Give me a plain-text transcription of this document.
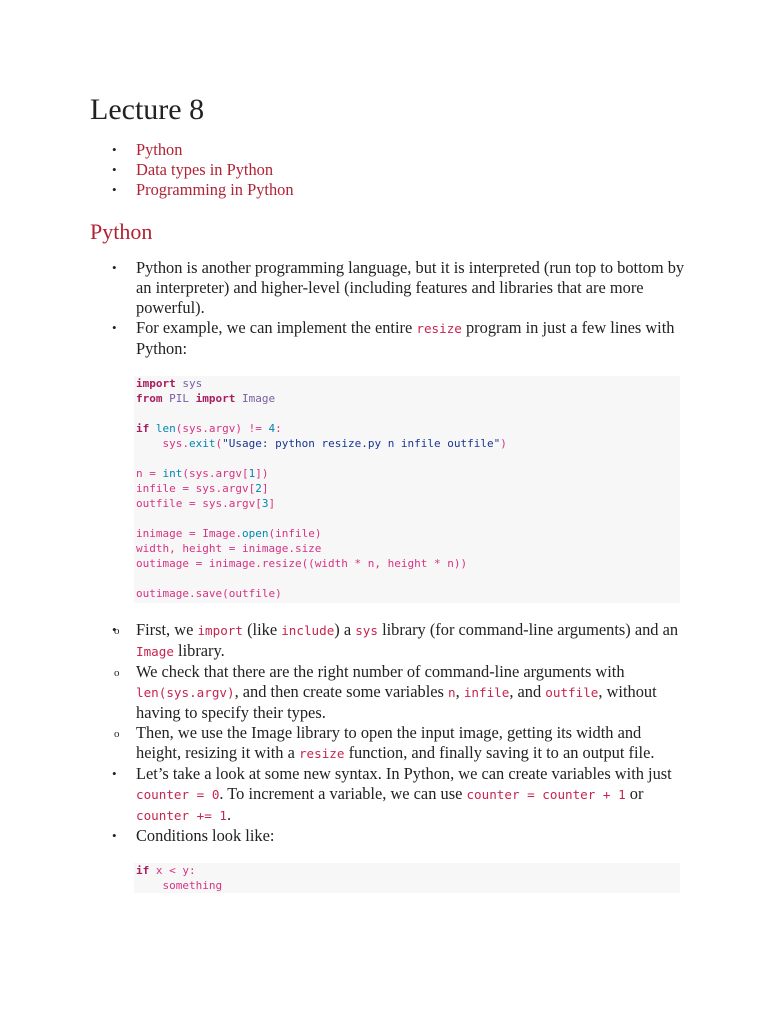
Lecture 8
• Python
• Data types in Python
• Programming in Python
Python
• Python is another programming language, but it is interpreted (run top to bottom by an interpreter) and higher-level (including features and libraries that are more powerful).
• For example, we can implement the entire resize program in just a few lines with Python:
import sys
from PIL import Image
if len(sys.argv) != 4:
sys.exit("Usage: python resize.py n infile outfile")
n = int(sys.argv[1])
infile = sys.argv[2]
outfile = sys.argv[3]
inimage = Image.open(infile)
width, height = inimage.size
outimage = inimage.resize((width * n, height * n))
outimage.save(outfile)
o • First, we import (like include) a sys library (for command-line arguments) and an Image library.
o We check that there are the right number of command-line arguments with len(sys.argv), and then create some variables n, infile, and outfile, without having to specify their types.
o Then, we use the Image library to open the input image, getting its width and height, resizing it with a resize function, and finally saving it to an output file.
• Let’s take a look at some new syntax. In Python, we can create variables with just counter = 0. To increment a variable, we can use counter = counter + 1 or counter += 1.
• Conditions look like:
if x < y:
something
